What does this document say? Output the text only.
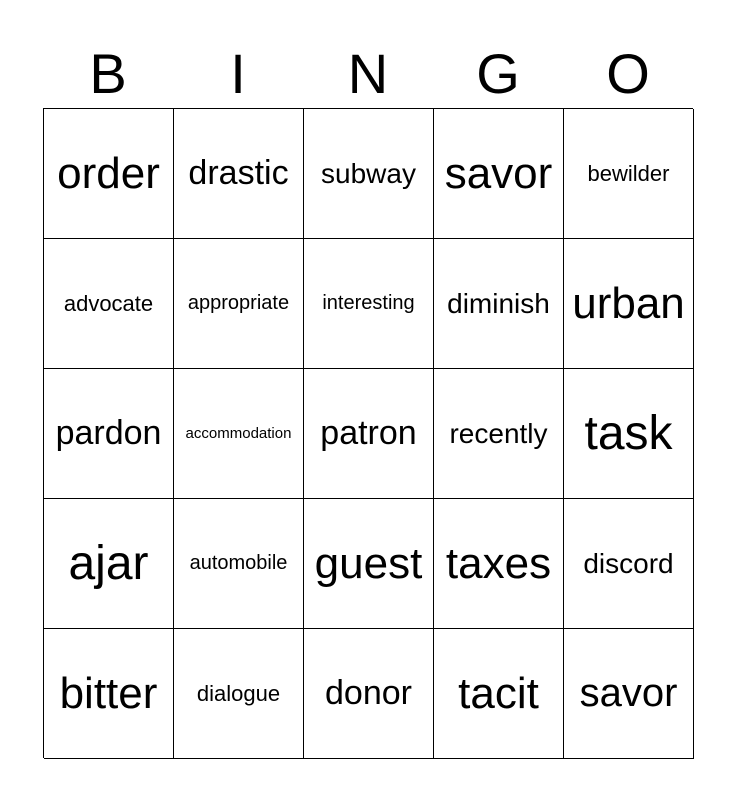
B	I	N	G	O
order drastic subway savor bewilder
advocate appropriate interesting diminish urban
pardon accommodation patron recently task
ajar automobile guest taxes discord
bitter dialogue donor tacit savor
